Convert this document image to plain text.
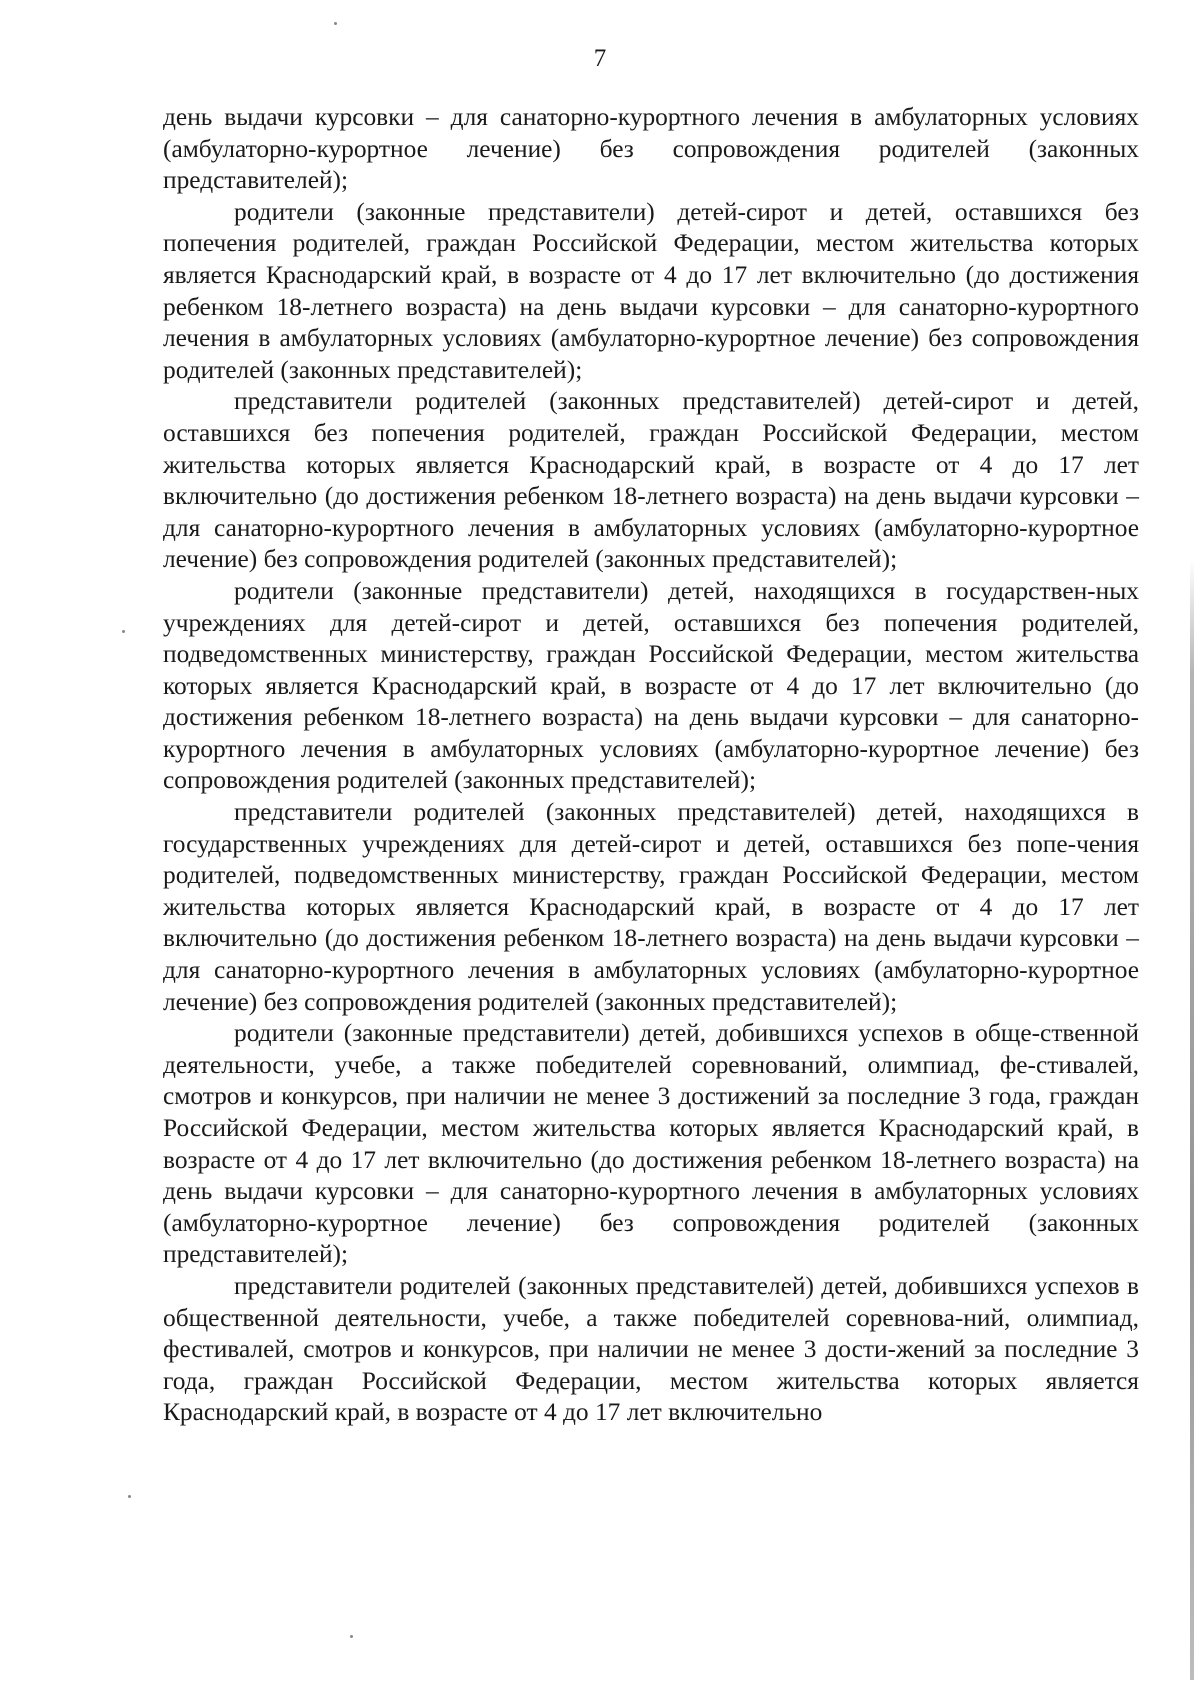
7

день выдачи курсовки – для санаторно-курортного лечения в амбулаторных условиях (амбулаторно-курортное лечение) без сопровождения родителей (законных представителей);

родители (законные представители) детей-сирот и детей, оставшихся без попечения родителей, граждан Российской Федерации, местом жительства которых является Краснодарский край, в возрасте от 4 до 17 лет включительно (до достижения ребенком 18-летнего возраста) на день выдачи курсовки – для санаторно-курортного лечения в амбулаторных условиях (амбулаторно-курортное лечение) без сопровождения родителей (законных представителей);

представители родителей (законных представителей) детей-сирот и детей, оставшихся без попечения родителей, граждан Российской Федерации, местом жительства которых является Краснодарский край, в возрасте от 4 до 17 лет включительно (до достижения ребенком 18-летнего возраста) на день выдачи курсовки – для санаторно-курортного лечения в амбулаторных условиях (амбулаторно-курортное лечение) без сопровождения родителей (законных представителей);

родители (законные представители) детей, находящихся в государствен-ных учреждениях для детей-сирот и детей, оставшихся без попечения родителей, подведомственных министерству, граждан Российской Федерации, местом жительства которых является Краснодарский край, в возрасте от 4 до 17 лет включительно (до достижения ребенком 18-летнего возраста) на день выдачи курсовки – для санаторно-курортного лечения в амбулаторных условиях (амбулаторно-курортное лечение) без сопровождения родителей (законных представителей);

представители родителей (законных представителей) детей, находящихся в государственных учреждениях для детей-сирот и детей, оставшихся без попе-чения родителей, подведомственных министерству, граждан Российской Федерации, местом жительства которых является Краснодарский край, в возрасте от 4 до 17 лет включительно (до достижения ребенком 18-летнего возраста) на день выдачи курсовки – для санаторно-курортного лечения в амбулаторных условиях (амбулаторно-курортное лечение) без сопровождения родителей (законных представителей);

родители (законные представители) детей, добившихся успехов в обще-ственной деятельности, учебе, а также победителей соревнований, олимпиад, фе-стивалей, смотров и конкурсов, при наличии не менее 3 достижений за последние 3 года, граждан Российской Федерации, местом жительства которых является Краснодарский край, в возрасте от 4 до 17 лет включительно (до достижения ребенком 18-летнего возраста) на день выдачи курсовки – для санаторно-курортного лечения в амбулаторных условиях (амбулаторно-курортное лечение) без сопровождения родителей (законных представителей);

представители родителей (законных представителей) детей, добившихся успехов в общественной деятельности, учебе, а также победителей соревнова-ний, олимпиад, фестивалей, смотров и конкурсов, при наличии не менее 3 дости-жений за последние 3 года, граждан Российской Федерации, местом жительства которых является Краснодарский край, в возрасте от 4 до 17 лет включительно
